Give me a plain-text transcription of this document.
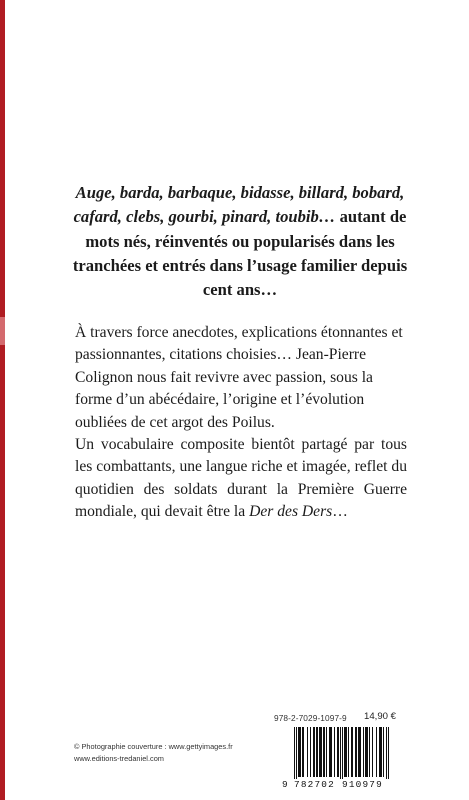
Auge, barda, barbaque, bidasse, billard, bobard, cafard, clebs, gourbi, pinard, toubib… autant de mots nés, réinventés ou popularisés dans les tranchées et entrés dans l’usage familier depuis cent ans…

À travers force anecdotes, explications étonnantes et passionnantes, citations choisies… Jean-Pierre Colignon nous fait revivre avec passion, sous la forme d’un abécédaire, l’origine et l’évolution oubliées de cet argot des Poilus.

Un vocabulaire composite bientôt partagé par tous les combattants, une langue riche et imagée, reflet du quotidien des soldats durant la Première Guerre mondiale, qui devait être la Der des Ders…

978-2-7029-1097-9 14,90 €
© Photographie couverture : www.gettyimages.fr
www.editions-tredaniel.com
9 782702 910979
